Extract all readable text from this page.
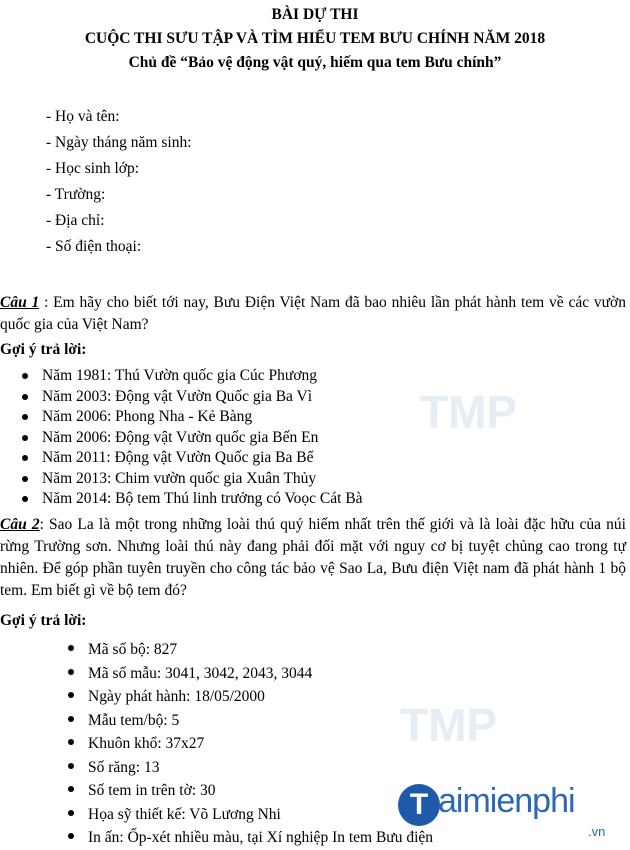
TMP
TMP
BÀI DỰ THI
CUỘC THI SƯU TẬP VÀ TÌM HIỂU TEM BƯU CHÍNH NĂM 2018
Chủ đề “Bảo vệ động vật quý, hiếm qua tem Bưu chính”
- Họ và tên:
- Ngày tháng năm sinh:
- Học sinh lớp:
- Trường:
- Địa chỉ:
- Số điện thoại:
Câu 1 : Em hãy cho biết tới nay, Bưu Điện Việt Nam đã bao nhiêu lần phát hành tem về các vườn quốc gia của Việt Nam?
Gợi ý trả lời:
Năm 1981: Thú Vườn quốc gia Cúc Phương
Năm 2003: Động vật Vườn Quốc gia Ba Vì
Năm 2006: Phong Nha - Kẻ Bàng
Năm 2006: Động vật Vườn quốc gia Bến En
Năm 2011: Động vật Vườn Quốc gia Ba Bể
Năm 2013: Chim vườn quốc gia Xuân Thủy
Năm 2014: Bộ tem Thú linh trưởng có Voọc Cát Bà
Câu 2: Sao La là một trong những loài thú quý hiếm nhất trên thế giới và là loài đặc hữu của núi rừng Trường sơn. Nhưng loài thú này đang phải đối mặt với nguy cơ bị tuyệt chủng cao trong tự nhiên. Để góp phần tuyên truyền cho công tác bảo vệ Sao La, Bưu điện Việt nam đã phát hành 1 bộ tem. Em biết gì về bộ tem đó?
Gợi ý trả lời:
Mã số bộ: 827
Mã số mẫu: 3041, 3042, 2043, 3044
Ngày phát hành: 18/05/2000
Mẫu tem/bộ: 5
Khuôn khổ: 37x27
Số răng: 13
Số tem in trên tờ: 30
Họa sỹ thiết kế: Võ Lương Nhi
In ấn: Ốp-xét nhiều màu, tại Xí nghiệp In tem Bưu điện
T aimienphi
.vn
